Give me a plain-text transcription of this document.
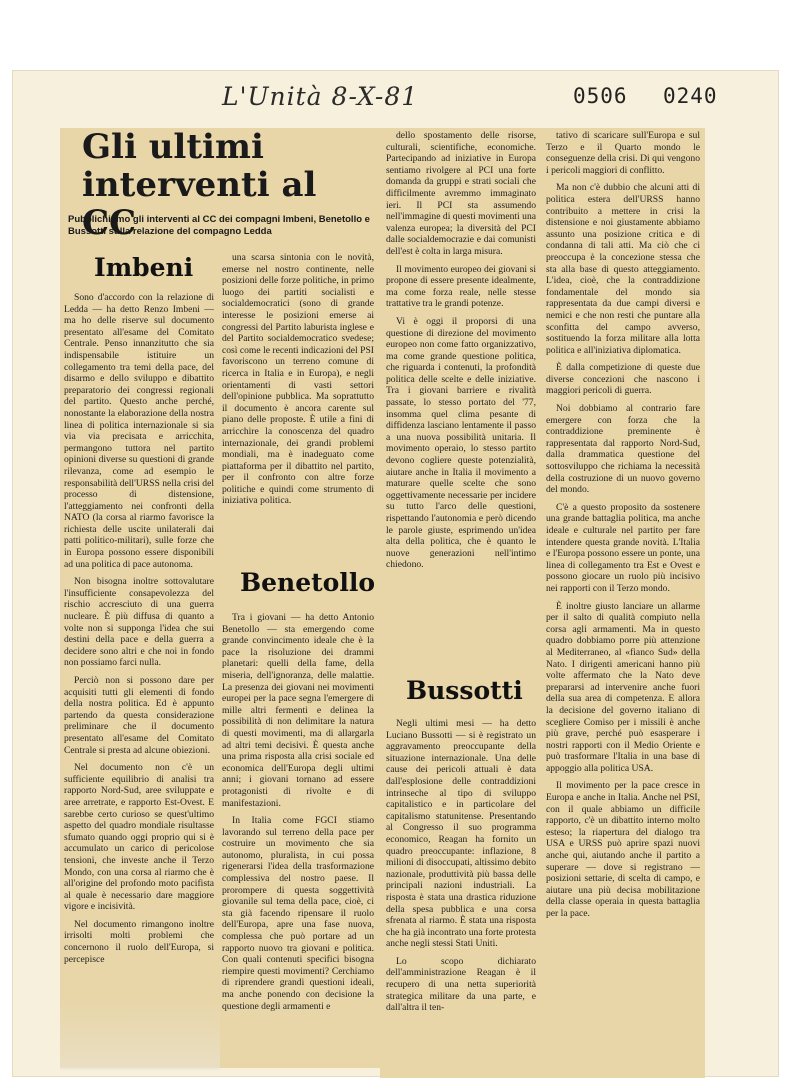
L'Unità 8-X-81	0506 0240
Gli ultimi interventi al CC
Pubblichiamo gli interventi al CC dei compagni Imbeni, Benetollo e Bussotti sulla relazione del compagno Ledda
Imbeni
Benetollo
Bussotti

Sono d'accordo con la relazione di Ledda — ha detto Renzo Imbeni — ma ho delle riserve sul documento presentato all'esame del Comitato Centrale. Penso innanzitutto che sia indispensabile istituire un collegamento tra temi della pace, del disarmo e dello sviluppo e dibattito preparatorio dei congressi regionali del partito. Questo anche perché, nonostante la elaborazione della nostra linea di politica internazionale si sia via via precisata e arricchita, permangono tuttora nel partito opinioni diverse su questioni di grande rilevanza, come ad esempio le responsabilità dell'URSS nella crisi del processo di distensione, l'atteggiamento nei confronti della NATO (la corsa al riarmo favorisce la richiesta delle uscite unilaterali dai patti politico-militari), sulle forze che in Europa possono essere disponibili ad una politica di pace autonoma.

Non bisogna inoltre sottovalutare l'insufficiente consapevolezza del rischio accresciuto di una guerra nucleare. È più diffusa di quanto a volte non si supponga l'idea che sui destini della pace e della guerra a decidere sono altri e che noi in fondo non possiamo farci nulla.

Perciò non si possono dare per acquisiti tutti gli elementi di fondo della nostra politica. Ed è appunto partendo da questa considerazione preliminare che il documento presentato all'esame del Comitato Centrale si presta ad alcune obiezioni.

Nel documento non c'è un sufficiente equilibrio di analisi tra rapporto Nord-Sud, aree sviluppate e aree arretrate, e rapporto Est-Ovest. E sarebbe certo curioso se quest'ultimo aspetto del quadro mondiale risultasse sfumato quando oggi proprio qui si è accumulato un carico di pericolose tensioni, che investe anche il Terzo Mondo, con una corsa al riarmo che è all'origine del profondo moto pacifista al quale è necessario dare maggiore vigore e incisività.

Nel documento rimangono inoltre irrisolti molti problemi che concernono il ruolo dell'Europa, si percepisce

una scarsa sintonia con le novità, emerse nel nostro continente, nelle posizioni delle forze politiche, in primo luogo dei partiti socialisti e socialdemocratici (sono di grande interesse le posizioni emerse ai congressi del Partito laburista inglese e del Partito socialdemocratico svedese; così come le recenti indicazioni del PSI favoriscono un terreno comune di ricerca in Italia e in Europa), e negli orientamenti di vasti settori dell'opinione pubblica. Ma soprattutto il documento è ancora carente sul piano delle proposte. È utile a fini di arricchire la conoscenza del quadro internazionale, dei grandi problemi mondiali, ma è inadeguato come piattaforma per il dibattito nel partito, per il confronto con altre forze politiche e quindi come strumento di iniziativa politica.

Tra i giovani — ha detto Antonio Benetollo — sta emergendo come grande convincimento ideale che è la pace la risoluzione dei drammi planetari: quelli della fame, della miseria, dell'ignoranza, delle malattie. La presenza dei giovani nei movimenti europei per la pace segna l'emergere di mille altri fermenti e delinea la possibilità di non delimitare la natura di questi movimenti, ma di allargarla ad altri temi decisivi. È questa anche una prima risposta alla crisi sociale ed economica dell'Europa degli ultimi anni; i giovani tornano ad essere protagonisti di rivolte e di manifestazioni.

In Italia come FGCI stiamo lavorando sul terreno della pace per costruire un movimento che sia autonomo, pluralista, in cui possa rigenerarsi l'idea della trasformazione complessiva del nostro paese. Il prorompere di questa soggettività giovanile sul tema della pace, cioè, ci sta già facendo ripensare il ruolo dell'Europa, apre una fase nuova, complessa che può portare ad un rapporto nuovo tra giovani e politica. Con quali contenuti specifici bisogna riempire questi movimenti? Cerchiamo di riprendere grandi questioni ideali, ma anche ponendo con decisione la questione degli armamenti e

dello spostamento delle risorse, culturali, scientifiche, economiche. Partecipando ad iniziative in Europa sentiamo rivolgere al PCI una forte domanda da gruppi e strati sociali che difficilmente avremmo immaginato ieri. Il PCI sta assumendo nell'immagine di questi movimenti una valenza europea; la diversità del PCI dalle socialdemocrazie e dai comunisti dell'est è colta in larga misura.

Il movimento europeo dei giovani si propone di essere presente idealmente, ma come forza reale, nelle stesse trattative tra le grandi potenze.

Vi è oggi il proporsi di una questione di direzione del movimento europeo non come fatto organizzativo, ma come grande questione politica, che riguarda i contenuti, la profondità politica delle scelte e delle iniziative. Tra i giovani barriere e rivalità passate, lo stesso portato del '77, insomma quel clima pesante di diffidenza lasciano lentamente il passo a una nuova possibilità unitaria. Il movimento operaio, lo stesso partito devono cogliere queste potenzialità, aiutare anche in Italia il movimento a maturare quelle scelte che sono oggettivamente necessarie per incidere su tutto l'arco delle questioni, rispettando l'autonomia e però dicendo le parole giuste, esprimendo un'idea alta della politica, che è quanto le nuove generazioni nell'intimo chiedono.

Negli ultimi mesi — ha detto Luciano Bussotti — si è registrato un aggravamento preoccupante della situazione internazionale. Una delle cause dei pericoli attuali è data dall'esplosione delle contraddizioni intrinseche al tipo di sviluppo capitalistico e in particolare del capitalismo statunitense. Presentando al Congresso il suo programma economico, Reagan ha fornito un quadro preoccupante: inflazione, 8 milioni di disoccupati, altissimo debito nazionale, produttività più bassa delle principali nazioni industriali. La risposta è stata una drastica riduzione della spesa pubblica e una corsa sfrenata al riarmo. È stata una risposta che ha già incontrato una forte protesta anche negli stessi Stati Uniti.

Lo scopo dichiarato dell'amministrazione Reagan è il recupero di una netta superiorità strategica militare da una parte, e dall'altra il ten-

tativo di scaricare sull'Europa e sul Terzo e il Quarto mondo le conseguenze della crisi. Di qui vengono i pericoli maggiori di conflitto.

Ma non c'è dubbio che alcuni atti di politica estera dell'URSS hanno contribuito a mettere in crisi la distensione e noi giustamente abbiamo assunto una posizione critica e di condanna di tali atti. Ma ciò che ci preoccupa è la concezione stessa che sta alla base di questo atteggiamento. L'idea, cioè, che la contraddizione fondamentale del mondo sia rappresentata da due campi diversi e nemici e che non resti che puntare alla sconfitta del campo avverso, sostituendo la forza militare alla lotta politica e all'iniziativa diplomatica.

È dalla competizione di queste due diverse concezioni che nascono i maggiori pericoli di guerra.

Noi dobbiamo al contrario fare emergere con forza che la contraddizione preminente è rappresentata dal rapporto Nord-Sud, dalla drammatica questione del sottosviluppo che richiama la necessità della costruzione di un nuovo governo del mondo.

C'è a questo proposito da sostenere una grande battaglia politica, ma anche ideale e culturale nel partito per fare intendere questa grande novità. L'Italia e l'Europa possono essere un ponte, una linea di collegamento tra Est e Ovest e possono giocare un ruolo più incisivo nei rapporti con il Terzo mondo.

È inoltre giusto lanciare un allarme per il salto di qualità compiuto nella corsa agli armamenti. Ma in questo quadro dobbiamo porre più attenzione al Mediterraneo, al «fianco Sud» della Nato. I dirigenti americani hanno più volte affermato che la Nato deve prepararsi ad intervenire anche fuori della sua area di competenza. E allora la decisione del governo italiano di scegliere Comiso per i missili è anche più grave, perché può esasperare i nostri rapporti con il Medio Oriente e può trasformare l'Italia in una base di appoggio alla politica USA.

Il movimento per la pace cresce in Europa e anche in Italia. Anche nel PSI, con il quale abbiamo un difficile rapporto, c'è un dibattito interno molto esteso; la riapertura del dialogo tra USA e URSS può aprire spazi nuovi anche qui, aiutando anche il partito a superare — dove si registrano — posizioni settarie, di scelta di campo, e aiutare una più decisa mobilitazione della classe operaia in questa battaglia per la pace.
